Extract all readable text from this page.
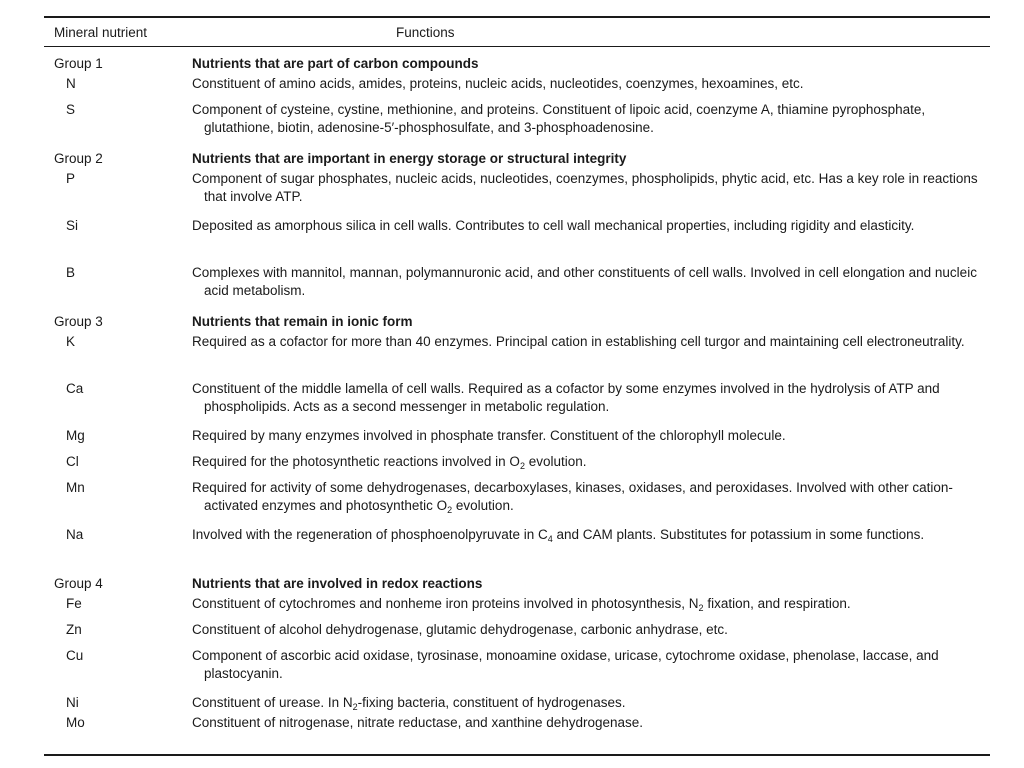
Mineral nutrient	Functions
Group 1	Nutrients that are part of carbon compounds
N	Constituent of amino acids, amides, proteins, nucleic acids, nucleotides, coenzymes, hexoamines, etc.
S	Component of cysteine, cystine, methionine, and proteins. Constituent of lipoic acid, coenzyme A, thiamine pyrophosphate, glutathione, biotin, adenosine-5′-phosphosulfate, and 3-phosphoadenosine.
Group 2	Nutrients that are important in energy storage or structural integrity
P	Component of sugar phosphates, nucleic acids, nucleotides, coenzymes, phospholipids, phytic acid, etc. Has a key role in reactions that involve ATP.
Si	Deposited as amorphous silica in cell walls. Contributes to cell wall mechanical properties, including rigidity and elasticity.
B	Complexes with mannitol, mannan, polymannuronic acid, and other constituents of cell walls. Involved in cell elongation and nucleic acid metabolism.
Group 3	Nutrients that remain in ionic form
K	Required as a cofactor for more than 40 enzymes. Principal cation in establishing cell turgor and maintaining cell electroneutrality.
Ca	Constituent of the middle lamella of cell walls. Required as a cofactor by some enzymes involved in the hydrolysis of ATP and phospholipids. Acts as a second messenger in metabolic regulation.
Mg	Required by many enzymes involved in phosphate transfer. Constituent of the chlorophyll molecule.
Cl	Required for the photosynthetic reactions involved in $O_2$ evolution.
Mn	Required for activity of some dehydrogenases, decarboxylases, kinases, oxidases, and peroxidases. Involved with other cation-activated enzymes and photosynthetic $O_2$ evolution.
Na	Involved with the regeneration of phosphoenolpyruvate in $C_4$ and CAM plants. Substitutes for potassium in some functions.
Group 4	Nutrients that are involved in redox reactions
Fe	Constituent of cytochromes and nonheme iron proteins involved in photosynthesis, $N_2$ fixation, and respiration.
Zn	Constituent of alcohol dehydrogenase, glutamic dehydrogenase, carbonic anhydrase, etc.
Cu	Component of ascorbic acid oxidase, tyrosinase, monoamine oxidase, uricase, cytochrome oxidase, phenolase, laccase, and plastocyanin.
Ni	Constituent of urease. In $N_2$-fixing bacteria, constituent of hydrogenases.
Mo	Constituent of nitrogenase, nitrate reductase, and xanthine dehydrogenase.
